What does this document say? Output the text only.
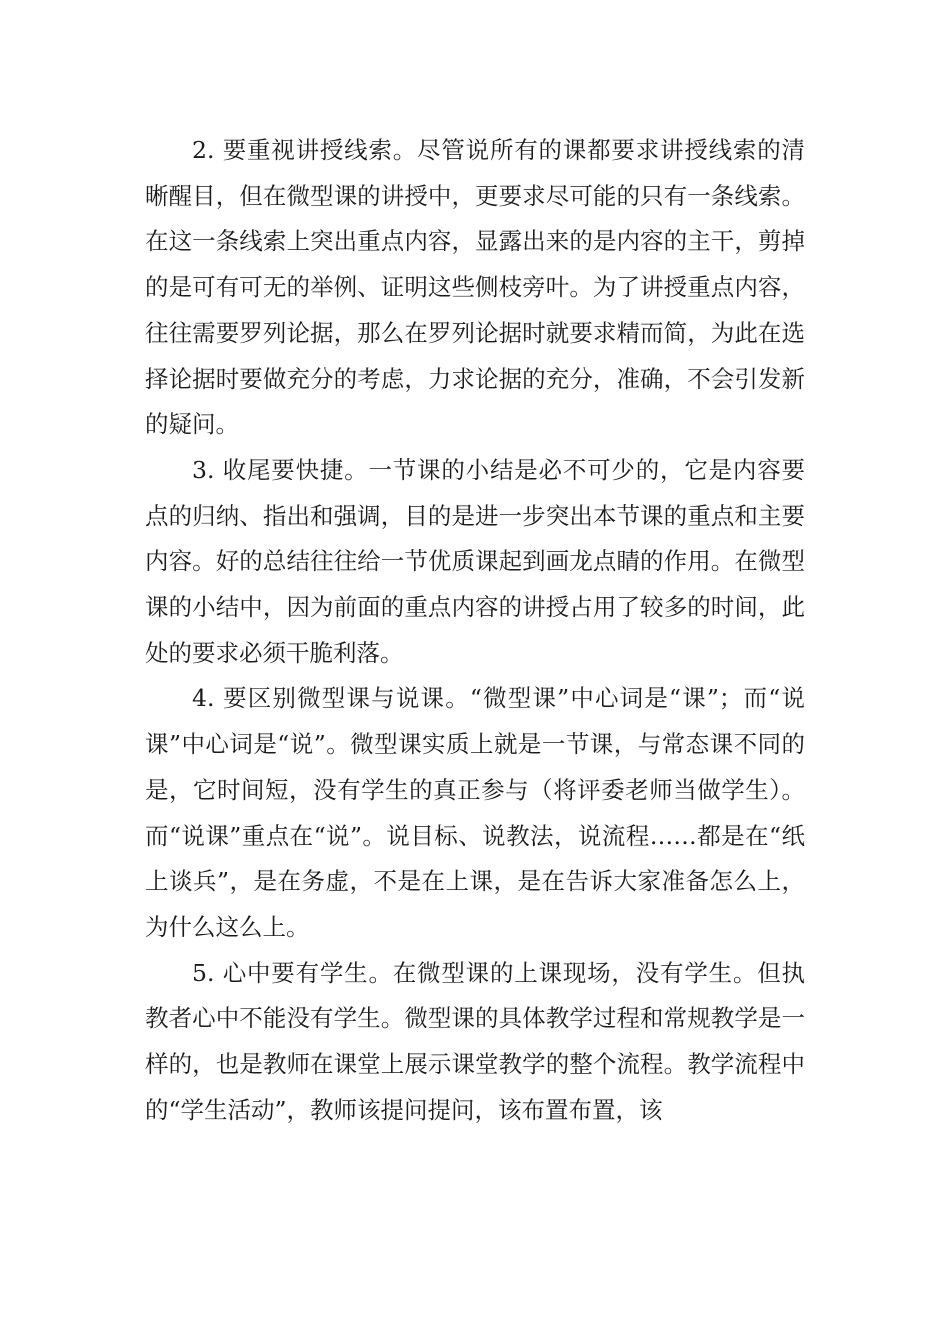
2. 要重视讲授线索。尽管说所有的课都要求讲授线索的清晰醒目，但在微型课的讲授中，更要求尽可能的只有一条线索。在这一条线索上突出重点内容，显露出来的是内容的主干，剪掉的是可有可无的举例、证明这些侧枝旁叶。为了讲授重点内容，往往需要罗列论据，那么在罗列论据时就要求精而简，为此在选择论据时要做充分的考虑，力求论据的充分，准确，不会引发新的疑问。

3. 收尾要快捷。一节课的小结是必不可少的，它是内容要点的归纳、指出和强调，目的是进一步突出本节课的重点和主要内容。好的总结往往给一节优质课起到画龙点睛的作用。在微型课的小结中，因为前面的重点内容的讲授占用了较多的时间，此处的要求必须干脆利落。

4. 要区别微型课与说课。“微型课”中心词是“课”；而“说课”中心词是“说”。微型课实质上就是一节课，与常态课不同的是，它时间短，没有学生的真正参与（将评委老师当做学生）。而“说课”重点在“说”。说目标、说教法，说流程……都是在“纸上谈兵”，是在务虚，不是在上课，是在告诉大家准备怎么上，为什么这么上。

5. 心中要有学生。在微型课的上课现场，没有学生。但执教者心中不能没有学生。微型课的具体教学过程和常规教学是一样的，也是教师在课堂上展示课堂教学的整个流程。教学流程中的“学生活动”，教师该提问提问，该布置布置，该
